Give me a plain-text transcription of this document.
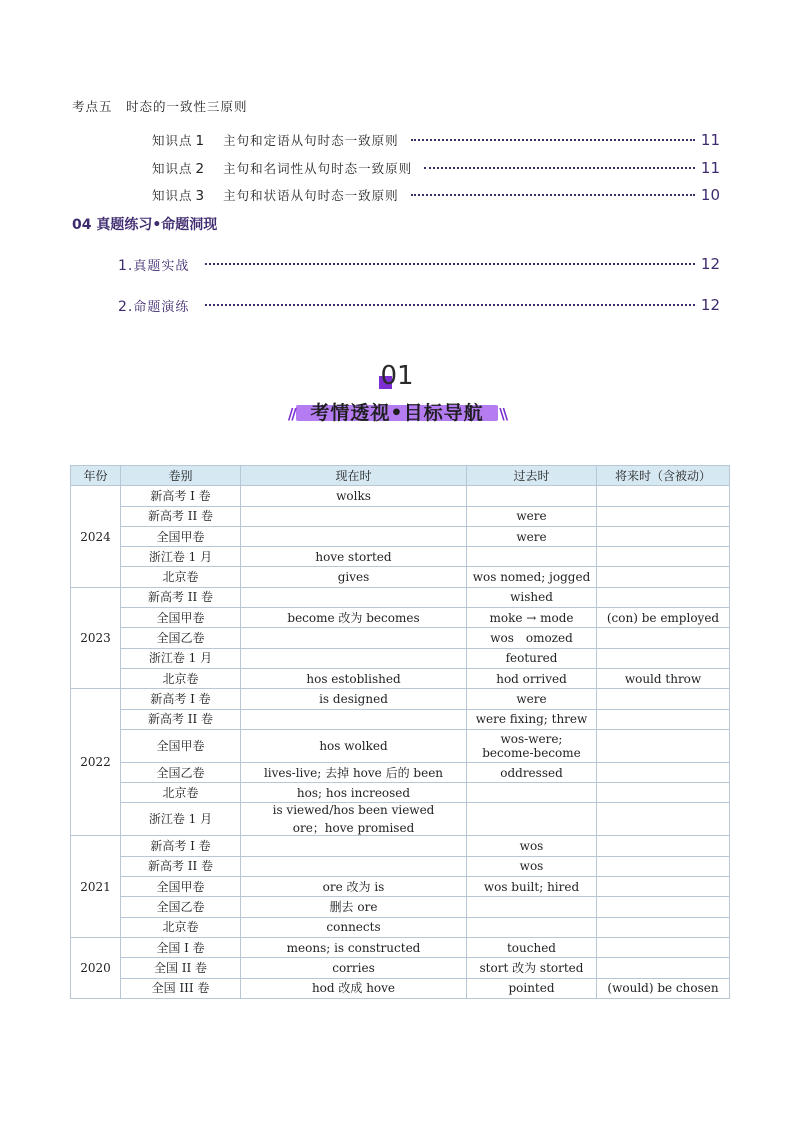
考点五　时态的一致性三原则
知识点 1	主句和定语从句时态一致原则	11
知识点 2	主句和名词性从句时态一致原则	11
知识点 3	主句和状语从句时态一致原则	10
04 真题练习•命题洞现
1.真题实战	12
2.命题演练	12
01
// 考情透视•目标导航 \\
年份	卷别	现在时	过去时	将来时（含被动）
2024	新高考 I 卷	wolks		
	新高考 II 卷		were	
	全国甲卷		were	
	浙江卷 1 月	hove storted		
	北京卷	gives	wos nomed; jogged	
2023	新高考 II 卷		wished	
	全国甲卷	become 改为 becomes	moke → mode	(con) be employed
	全国乙卷		wos　omozed	
	浙江卷 1 月		feotured	
	北京卷	hos estoblished	hod orrived	would throw
2022	新高考 I 卷	is designed	were	
	新高考 II 卷		were fixing; threw	
	全国甲卷	hos wolked	wos-were;
become-become	

	全国乙卷	lives-live; 去掉 hove 后的 been	oddressed	
	北京卷	hos; hos increosed		
	浙江卷 1 月	is viewed/hos been viewed
ore；hove promised		

2021	新高考 I 卷		wos	
	新高考 II 卷		wos	
	全国甲卷	ore 改为 is	wos built; hired	
	全国乙卷	删去 ore		
	北京卷	connects		
2020	全国 I 卷	meons; is constructed	touched	
	全国 II 卷	corries	stort 改为 storted	
	全国 III 卷	hod 改成 hove	pointed	(would) be chosen
